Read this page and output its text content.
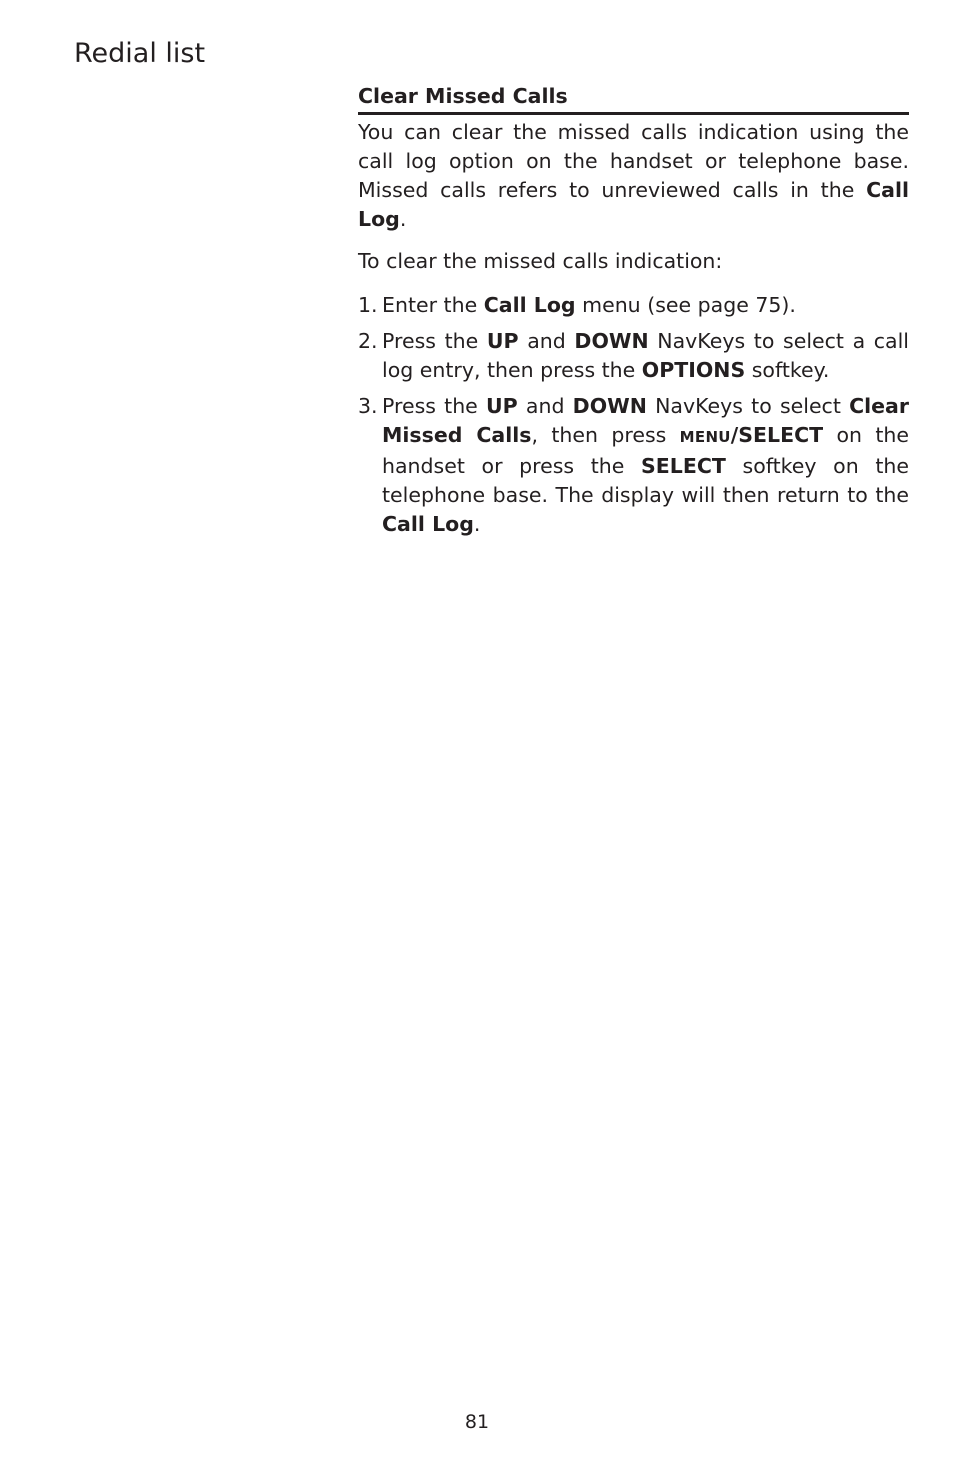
Redial list
Clear Missed Calls

You can clear the missed calls indication using the call log option on the handset or telephone base. Missed calls refers to unreviewed calls in the Call Log.

To clear the missed calls indication:

1. Enter the Call Log menu (see page 75).
2. Press the UP and DOWN NavKeys to select a call log entry, then press the OPTIONS softkey.
3. Press the UP and DOWN NavKeys to select Clear Missed Calls, then press MENU/SELECT on the handset or press the SELECT softkey on the telephone base. The display will then return to the Call Log.
81
